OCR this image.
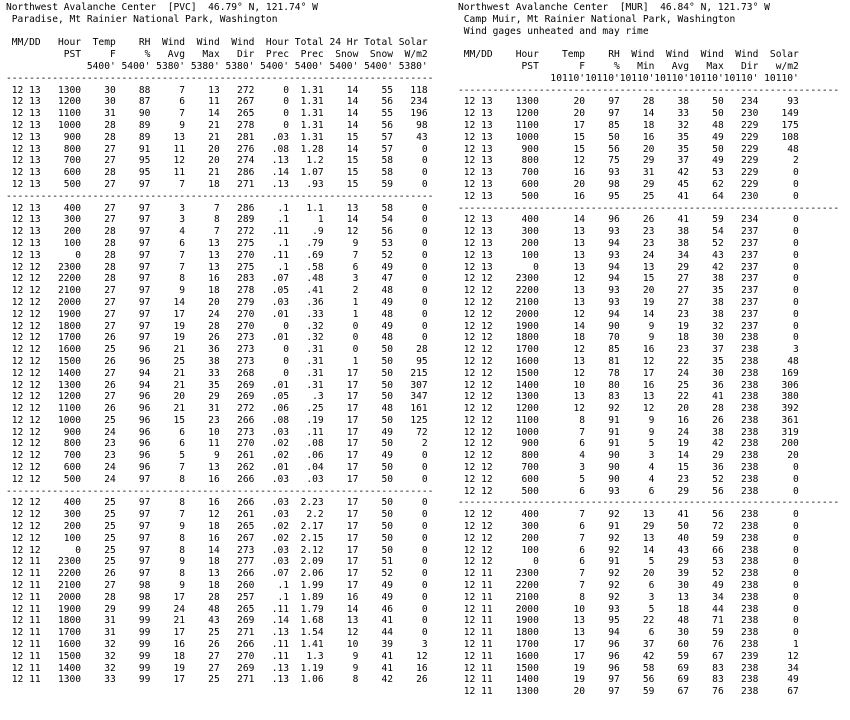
Northwest Avalanche Center  [PVC]  46.79° N, 121.74° W
Paradise, Mt Rainier National Park, Washington

MM/DD   Hour  Temp    RH  Wind  Wind  Wind  Hour Total 24 Hr Total Solar
PST     F     %   Avg   Max   Dir  Prec  Prec  Snow  Snow  W/m2
5400' 5400' 5380' 5380' 5380' 5400' 5400' 5400' 5400' 5380'
--------------------------------------------------------------------------
12 13   1300    30    88     7    13   272     0  1.31    14    55   118
12 13   1200    30    87     6    11   267     0  1.31    14    56   234
12 13   1100    31    90     7    14   265     0  1.31    14    55   196
12 13   1000    28    89     9    21   278     0  1.31    14    56    98
12 13    900    28    89    13    21   281   .03  1.31    15    57    43
12 13    800    27    91    11    20   276   .08  1.28    14    57     0
12 13    700    27    95    12    20   274   .13   1.2    15    58     0
12 13    600    28    95    11    21   286   .14  1.07    15    58     0
12 13    500    27    97     7    18   271   .13   .93    15    59     0
--------------------------------------------------------------------------
12 13    400    27    97     3     7   286    .1   1.1    13    58     0
12 13    300    27    97     3     8   289    .1     1    14    54     0
12 13    200    28    97     4     7   272   .11    .9    12    56     0
12 13    100    28    97     6    13   275    .1   .79     9    53     0
12 13      0    28    97     7    13   270   .11   .69     7    52     0
12 12   2300    28    97     7    13   275    .1   .58     6    49     0
12 12   2200    28    97     8    16   283   .07   .48     3    47     0
12 12   2100    27    97     9    18   278   .05   .41     2    48     0
12 12   2000    27    97    14    20   279   .03   .36     1    49     0
12 12   1900    27    97    17    24   270   .01   .33     1    48     0
12 12   1800    27    97    19    28   270     0   .32     0    49     0
12 12   1700    26    97    19    26   273   .01   .32     0    48     0
12 12   1600    25    96    21    36   273     0   .31     0    50    28
12 12   1500    26    96    25    38   273     0   .31     1    50    95
12 12   1400    27    94    21    33   268     0   .31    17    50   215
12 12   1300    26    94    21    35   269   .01   .31    17    50   307
12 12   1200    27    96    20    29   269   .05    .3    17    50   347
12 12   1100    26    96    21    31   272   .06   .25    17    48   161
12 12   1000    25    96    15    23   266   .08   .19    17    50   125
12 12    900    24    96     6    10   273   .03   .11    17    49    72
12 12    800    23    96     6    11   270   .02   .08    17    50     2
12 12    700    23    96     5     9   261   .02   .06    17    49     0
12 12    600    24    96     7    13   262   .01   .04    17    50     0
12 12    500    24    97     8    16   266   .03   .03    17    50     0
--------------------------------------------------------------------------
12 12    400    25    97     8    16   266   .03  2.23    17    50     0
12 12    300    25    97     7    12   261   .03   2.2    17    50     0
12 12    200    25    97     9    18   265   .02  2.17    17    50     0
12 12    100    25    97     8    16   267   .02  2.15    17    50     0
12 12      0    25    97     8    14   273   .03  2.12    17    50     0
12 11   2300    25    97     9    18   277   .03  2.09    17    51     0
12 11   2200    26    97     8    13   266   .07  2.06    17    52     0
12 11   2100    27    98     9    18   260    .1  1.99    17    49     0
12 11   2000    28    98    17    28   257    .1  1.89    16    49     0
12 11   1900    29    99    24    48   265   .11  1.79    14    46     0
12 11   1800    31    99    21    43   269   .14  1.68    13    41     0
12 11   1700    31    99    17    25   271   .13  1.54    12    44     0
12 11   1600    32    99    16    26   266   .11  1.41    10    39     3
12 11   1500    32    99    18    27   270   .11   1.3     9    41    12
12 11   1400    32    99    19    27   269   .13  1.19     9    41    16
12 11   1300    33    99    17    25   271   .13  1.06     8    42    26

Northwest Avalanche Center  [MUR]  46.84° N, 121.73° W
Camp Muir, Mt Rainier National Park, Washington
Wind gages unheated and may rime

MM/DD    Hour    Temp    RH  Wind  Wind  Wind  Wind  Solar
PST       F     %   Min   Avg   Max   Dir   w/m2
10110'10110'10110'10110'10110'10110' 10110'
------------------------------------------------------------------
12 13    1300      20    97    28    38    50   234     93
12 13    1200      20    97    14    33    50   230    149
12 13    1100      17    85    18    32    48   229    175
12 13    1000      15    50    16    35    49   229    108
12 13     900      15    56    20    35    50   229     48
12 13     800      12    75    29    37    49   229      2
12 13     700      16    93    31    42    53   229      0
12 13     600      20    98    29    45    62   229      0
12 13     500      16    95    25    41    64   230      0
------------------------------------------------------------------
12 13     400      14    96    26    41    59   234      0
12 13     300      13    93    23    38    54   237      0
12 13     200      13    94    23    38    52   237      0
12 13     100      13    93    24    34    43   237      0
12 13       0      13    94    13    29    42   237      0
12 12    2300      12    94    15    27    38   237      0
12 12    2200      13    93    20    27    35   237      0
12 12    2100      13    93    19    27    38   237      0
12 12    2000      12    94    14    23    38   237      0
12 12    1900      14    90     9    19    32   237      0
12 12    1800      18    70     9    18    30   238      0
12 12    1700      12    85    16    23    37   238      3
12 12    1600      13    81    12    22    35   238     48
12 12    1500      12    78    17    24    30   238    169
12 12    1400      10    80    16    25    36   238    306
12 12    1300      13    83    13    22    41   238    380
12 12    1200      12    92    12    20    28   238    392
12 12    1100       8    91     9    16    26   238    361
12 12    1000       7    91     9    24    38   238    319
12 12     900       6    91     5    19    42   238    200
12 12     800       4    90     3    14    29   238     20
12 12     700       3    90     4    15    36   238      0
12 12     600       5    90     4    23    52   238      0
12 12     500       6    93     6    29    56   238      0
------------------------------------------------------------------
12 12     400       7    92    13    41    56   238      0
12 12     300       6    91    29    50    72   238      0
12 12     200       7    92    13    40    59   238      0
12 12     100       6    92    14    43    66   238      0
12 12       0       6    91     5    29    53   238      0
12 11    2300       7    92    20    39    52   238      0
12 11    2200       7    92     6    30    49   238      0
12 11    2100       8    92     3    13    34   238      0
12 11    2000      10    93     5    18    44   238      0
12 11    1900      13    95    22    48    71   238      0
12 11    1800      13    94     6    30    59   238      0
12 11    1700      17    96    37    60    76   238      1
12 11    1600      17    96    42    59    67   239     12
12 11    1500      19    96    58    69    83   238     34
12 11    1400      19    97    56    69    83   238     49
12 11    1300      20    97    59    67    76   238     67
